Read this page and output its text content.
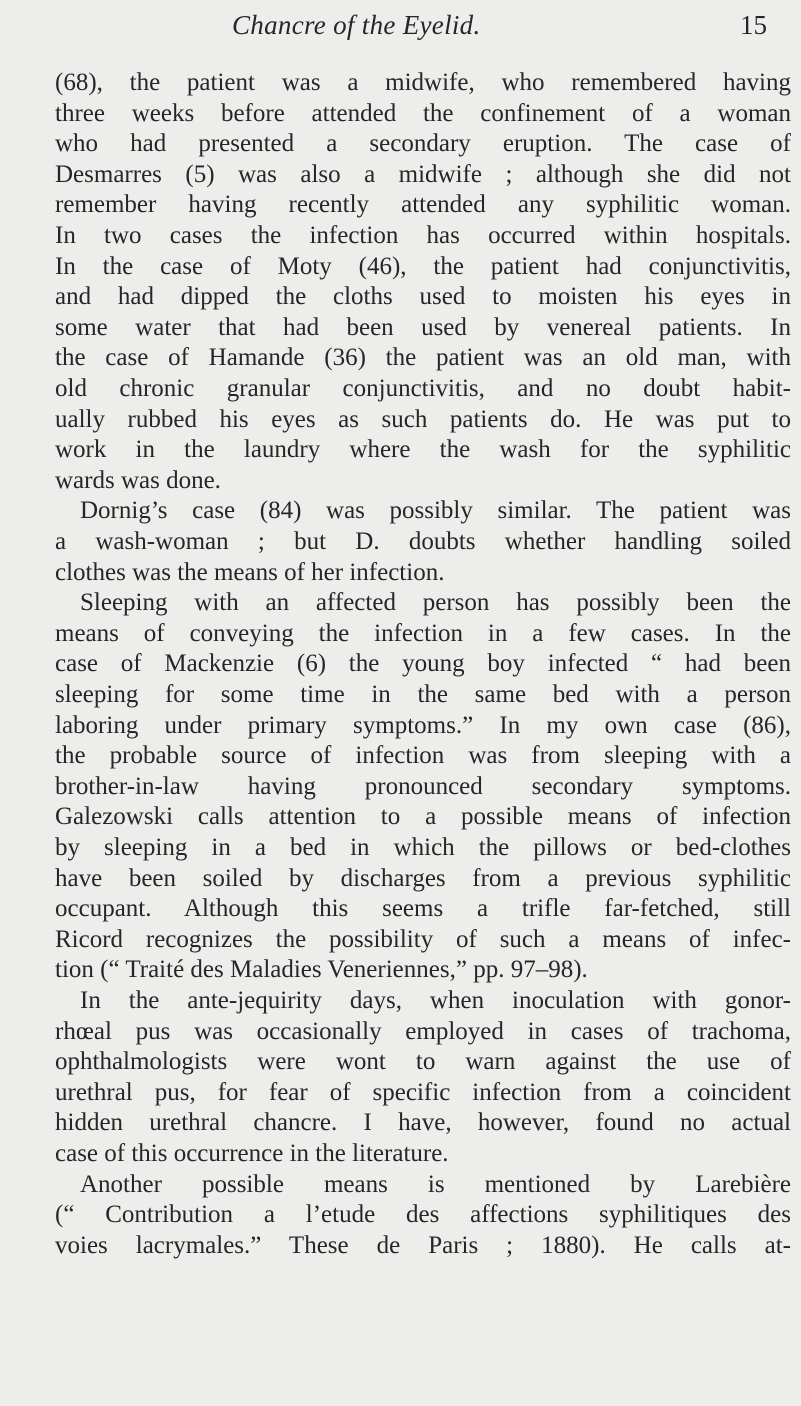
Chancre of the Eyelid.	15
(68), the patient was a midwife, who remembered having
three weeks before attended the confinement of a woman
who had presented a secondary eruption. The case of
Desmarres (5) was also a midwife ; although she did not
remember having recently attended any syphilitic woman.
In two cases the infection has occurred within hospitals.
In the case of Moty (46), the patient had conjunctivitis,
and had dipped the cloths used to moisten his eyes in
some water that had been used by venereal patients. In
the case of Hamande (36) the patient was an old man, with
old chronic granular conjunctivitis, and no doubt habit-
ually rubbed his eyes as such patients do. He was put to
work in the laundry where the wash for the syphilitic
wards was done.
Dornig’s case (84) was possibly similar. The patient was
a wash-woman ; but D. doubts whether handling soiled
clothes was the means of her infection.
Sleeping with an affected person has possibly been the
means of conveying the infection in a few cases. In the
case of Mackenzie (6) the young boy infected “ had been
sleeping for some time in the same bed with a person
laboring under primary symptoms.” In my own case (86),
the probable source of infection was from sleeping with a
brother-in-law having pronounced secondary symptoms.
Galezowski calls attention to a possible means of infection
by sleeping in a bed in which the pillows or bed-clothes
have been soiled by discharges from a previous syphilitic
occupant. Although this seems a trifle far-fetched, still
Ricord recognizes the possibility of such a means of infec-
tion (“ Traité des Maladies Veneriennes,” pp. 97–98).
In the ante-jequirity days, when inoculation with gonor-
rhœal pus was occasionally employed in cases of trachoma,
ophthalmologists were wont to warn against the use of
urethral pus, for fear of specific infection from a coincident
hidden urethral chancre. I have, however, found no actual
case of this occurrence in the literature.
Another possible means is mentioned by Larebière
(“ Contribution a l’etude des affections syphilitiques des
voies lacrymales.” These de Paris ; 1880). He calls at-
